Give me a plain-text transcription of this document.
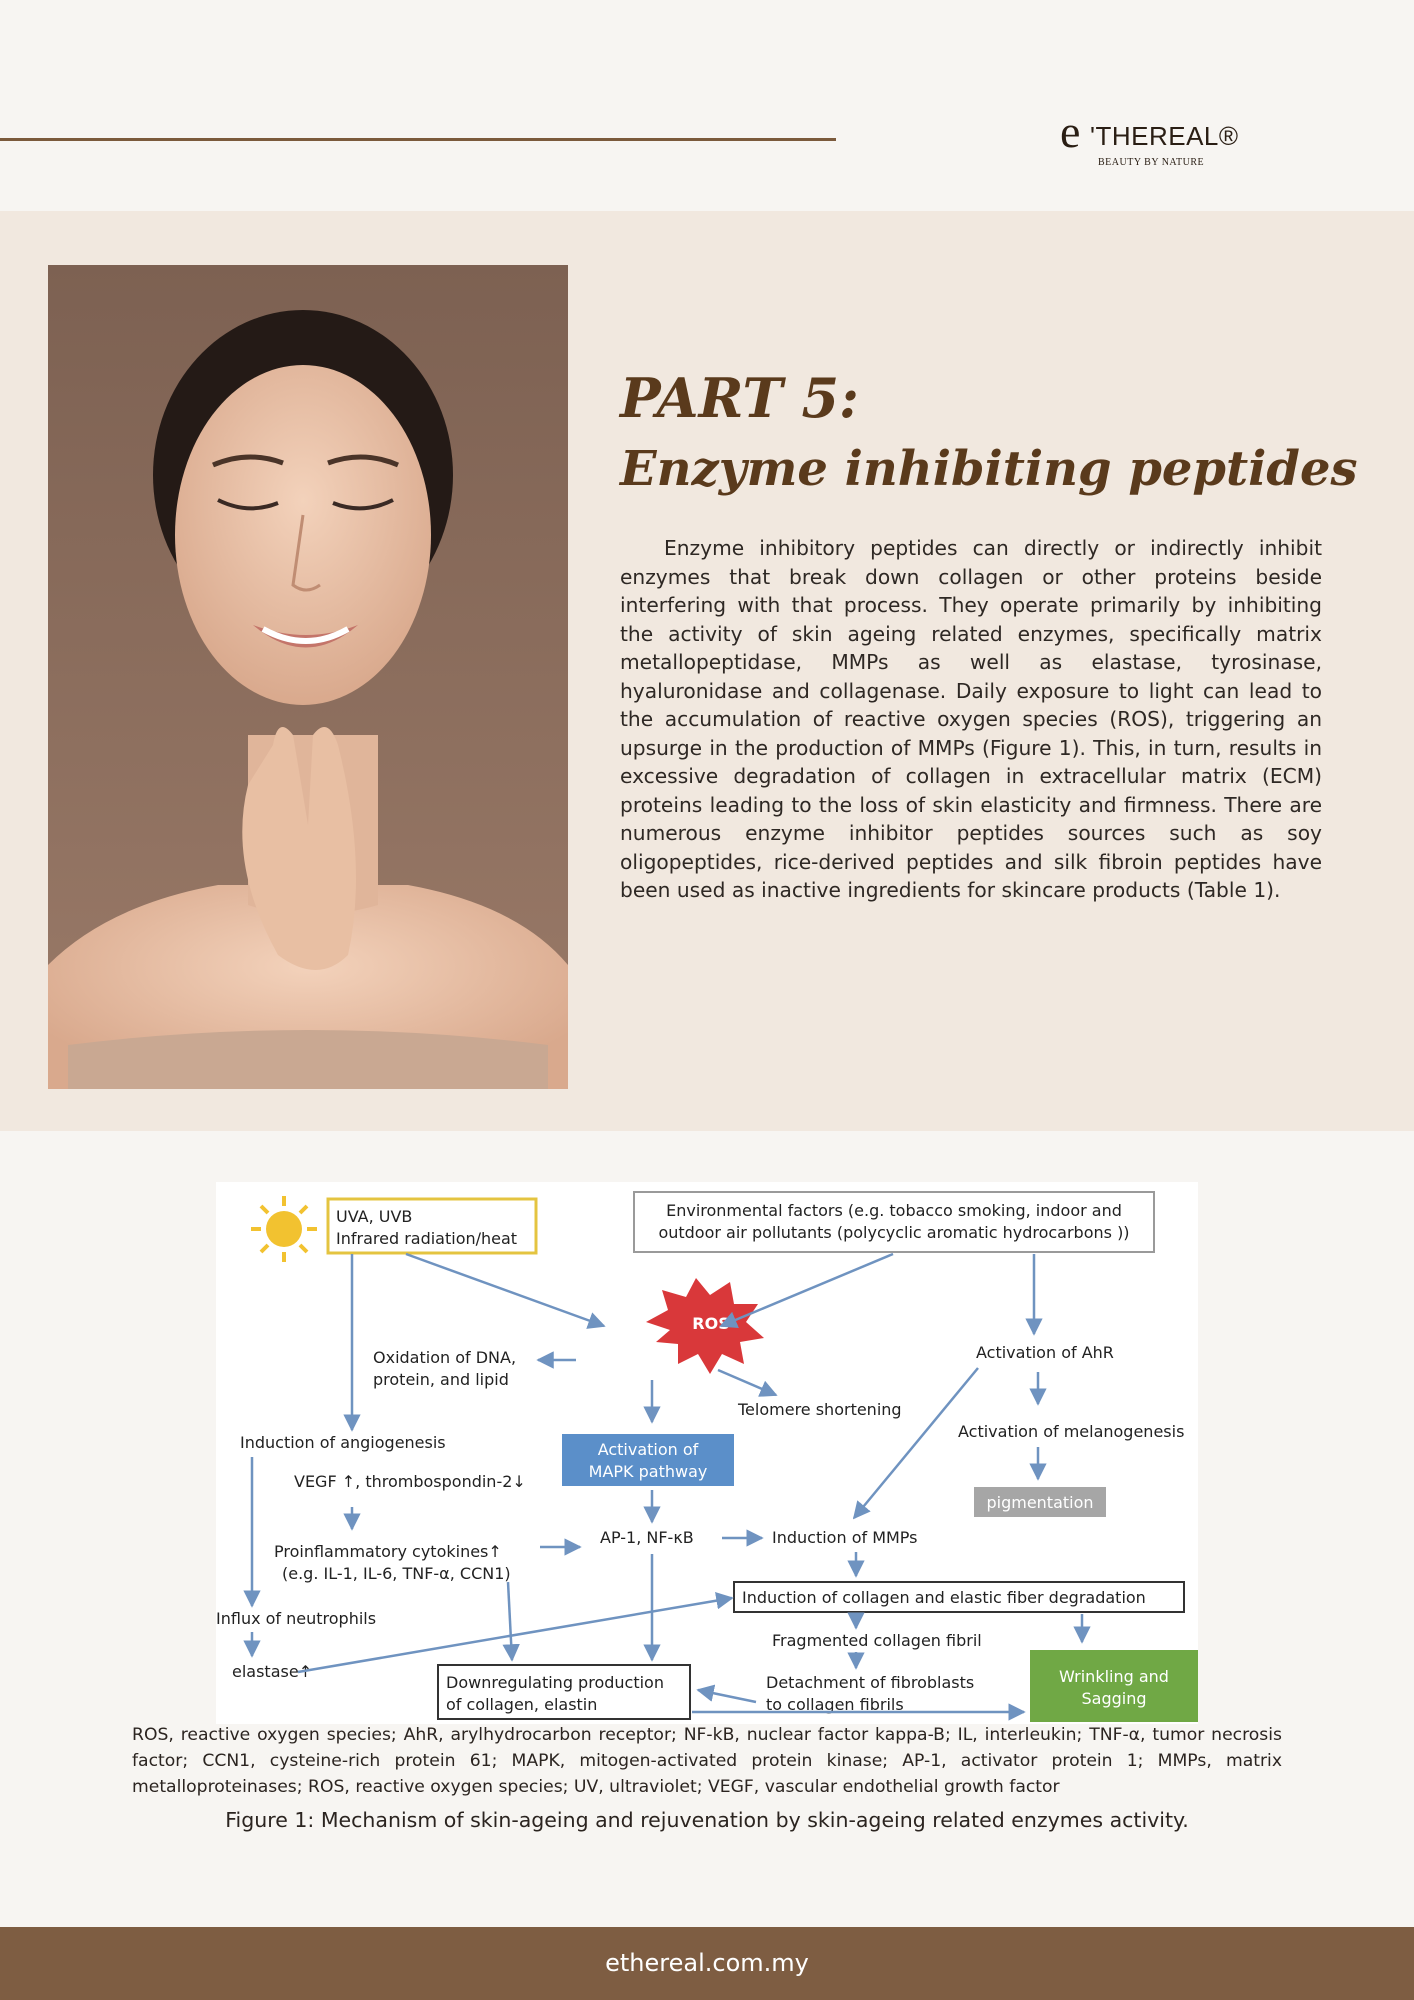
e 'THEREAL®
BEAUTY BY NATURE
PART 5:
Enzyme inhibiting peptides
Enzyme inhibitory peptides can directly or indirectly inhibit enzymes that break down collagen or other proteins beside interfering with that process. They operate primarily by inhibiting the activity of skin ageing related enzymes, specifically matrix metallopeptidase, MMPs as well as elastase, tyrosinase, hyaluronidase and collagenase. Daily exposure to light can lead to the accumulation of reactive oxygen species (ROS), triggering an upsurge in the production of MMPs (Figure 1). This, in turn, results in excessive degradation of collagen in extracellular matrix (ECM) proteins leading to the loss of skin elasticity and firmness. There are numerous enzyme inhibitor peptides sources such as soy oligopeptides, rice-derived peptides and silk fibroin peptides have been used as inactive ingredients for skincare products (Table 1).
UVA, UVB
Infrared radiation/heat
Environmental factors (e.g. tobacco smoking, indoor and
outdoor air pollutants (polycyclic aromatic hydrocarbons ))
ROS
Oxidation of DNA,
protein, and lipid
Telomere shortening
Activation of AhR
Activation of melanogenesis
pigmentation
Induction of angiogenesis	Activation of
MAPK pathway
VEGF ↑, thrombospondin-2↓
Proinflammatory cytokines↑
(e.g. IL-1, IL-6, TNF-α, CCN1)
AP-1, NF-κB	Induction of MMPs
Induction of collagen and elastic fiber degradation
Influx of neutrophils
Fragmented collagen fibril
elastase↑
Downregulating production
of collagen, elastin
Detachment of fibroblasts
to collagen fibrils
Wrinkling and
Sagging
ROS, reactive oxygen species; AhR, arylhydrocarbon receptor; NF-kB, nuclear factor kappa-B; IL, interleukin; TNF-α, tumor necrosis factor; CCN1, cysteine-rich protein 61; MAPK, mitogen-activated protein kinase; AP-1, activator protein 1; MMPs, matrix metalloproteinases; ROS, reactive oxygen species; UV, ultraviolet; VEGF, vascular endothelial growth factor
Figure 1: Mechanism of skin-ageing and rejuvenation by skin-ageing related enzymes activity.
ethereal.com.my
